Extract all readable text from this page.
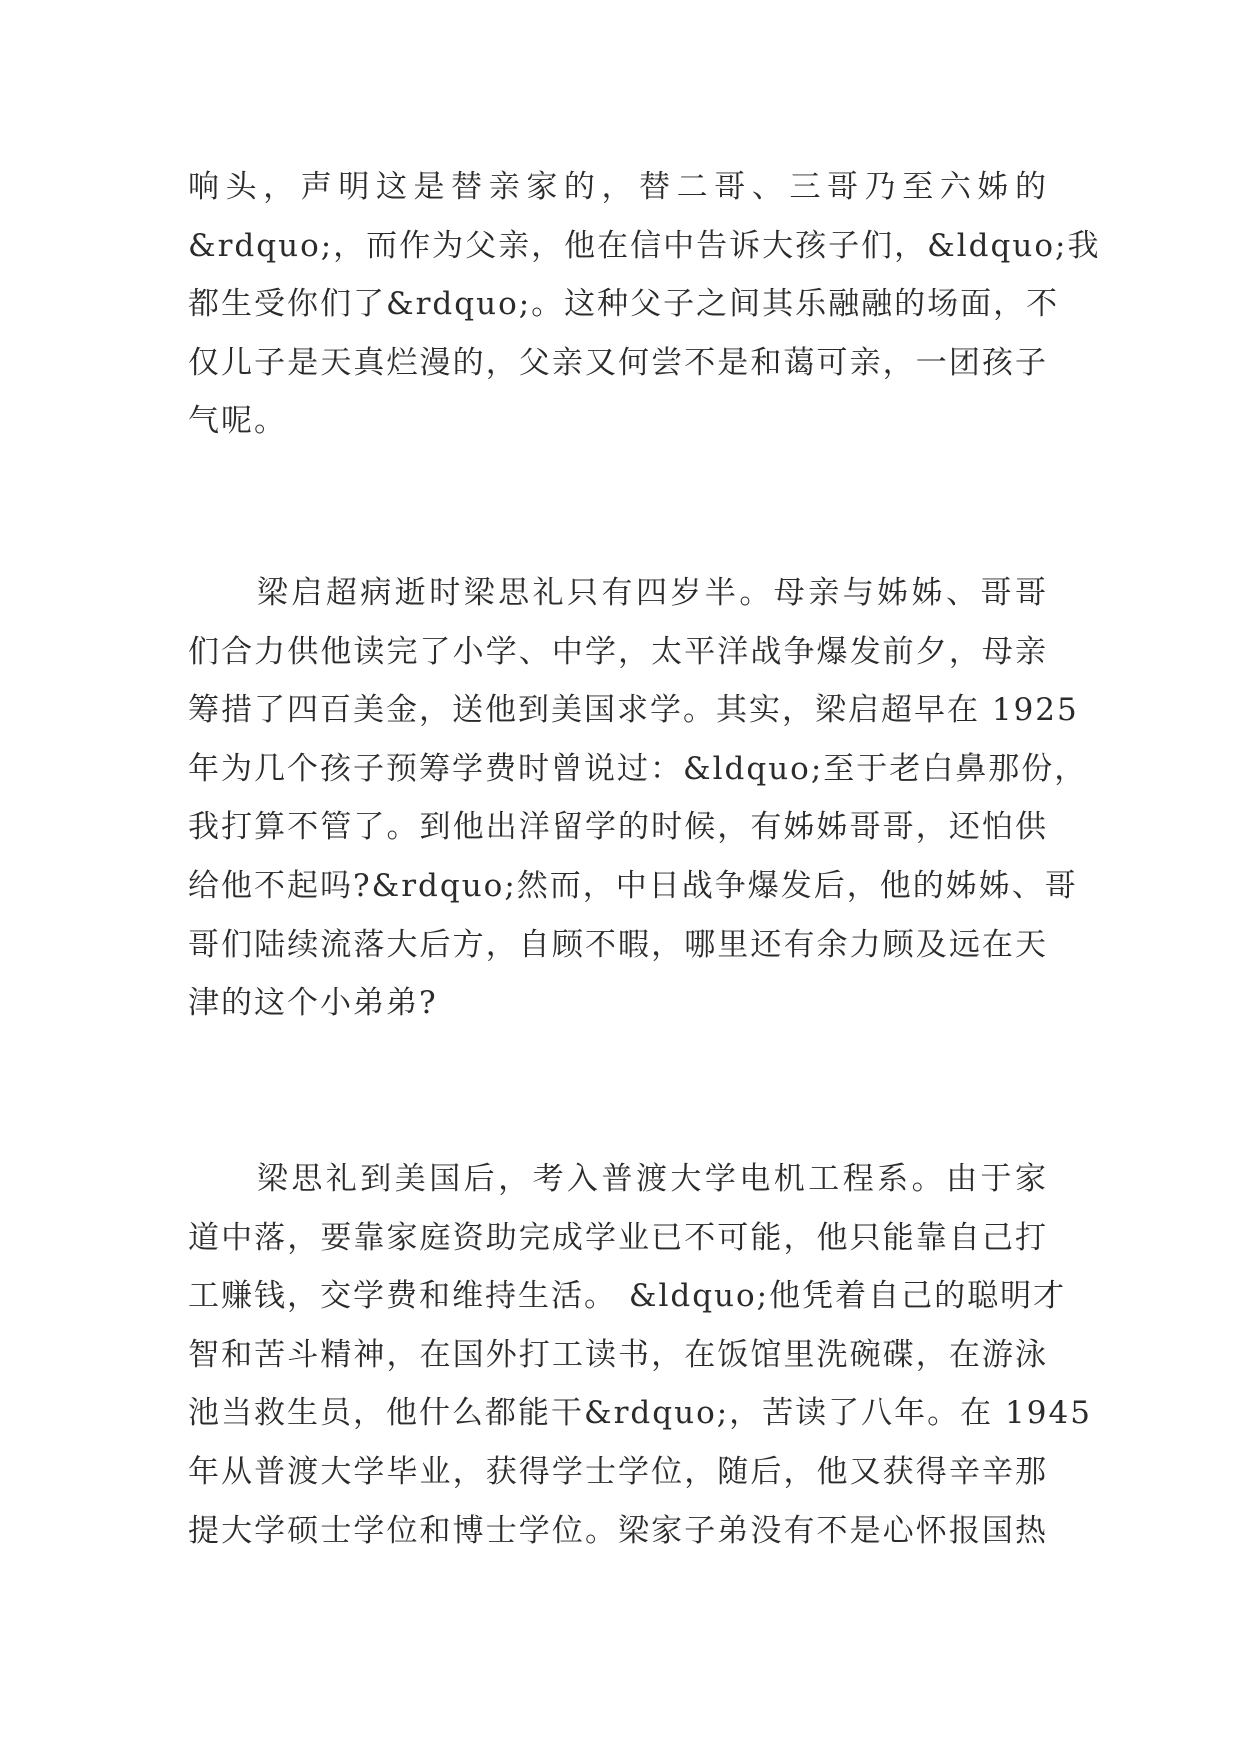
响头，声明这是替亲家的，替二哥、三哥乃至六姊的
&rdquo;，而作为父亲，他在信中告诉大孩子们，&ldquo;我
都生受你们了&rdquo;。这种父子之间其乐融融的场面，不
仅儿子是天真烂漫的，父亲又何尝不是和蔼可亲，一团孩子
气呢。
　　梁启超病逝时梁思礼只有四岁半。母亲与姊姊、哥哥
们合力供他读完了小学、中学，太平洋战争爆发前夕，母亲
筹措了四百美金，送他到美国求学。其实，梁启超早在 1925
年为几个孩子预筹学费时曾说过：&ldquo;至于老白鼻那份，
我打算不管了。到他出洋留学的时候，有姊姊哥哥，还怕供
给他不起吗?&rdquo;然而，中日战争爆发后，他的姊姊、哥
哥们陆续流落大后方，自顾不暇，哪里还有余力顾及远在天
津的这个小弟弟?
　　梁思礼到美国后，考入普渡大学电机工程系。由于家
道中落，要靠家庭资助完成学业已不可能，他只能靠自己打
工赚钱，交学费和维持生活。 &ldquo;他凭着自己的聪明才
智和苦斗精神，在国外打工读书，在饭馆里洗碗碟，在游泳
池当救生员，他什么都能干&rdquo;，苦读了八年。在 1945
年从普渡大学毕业，获得学士学位，随后，他又获得辛辛那
提大学硕士学位和博士学位。梁家子弟没有不是心怀报国热
